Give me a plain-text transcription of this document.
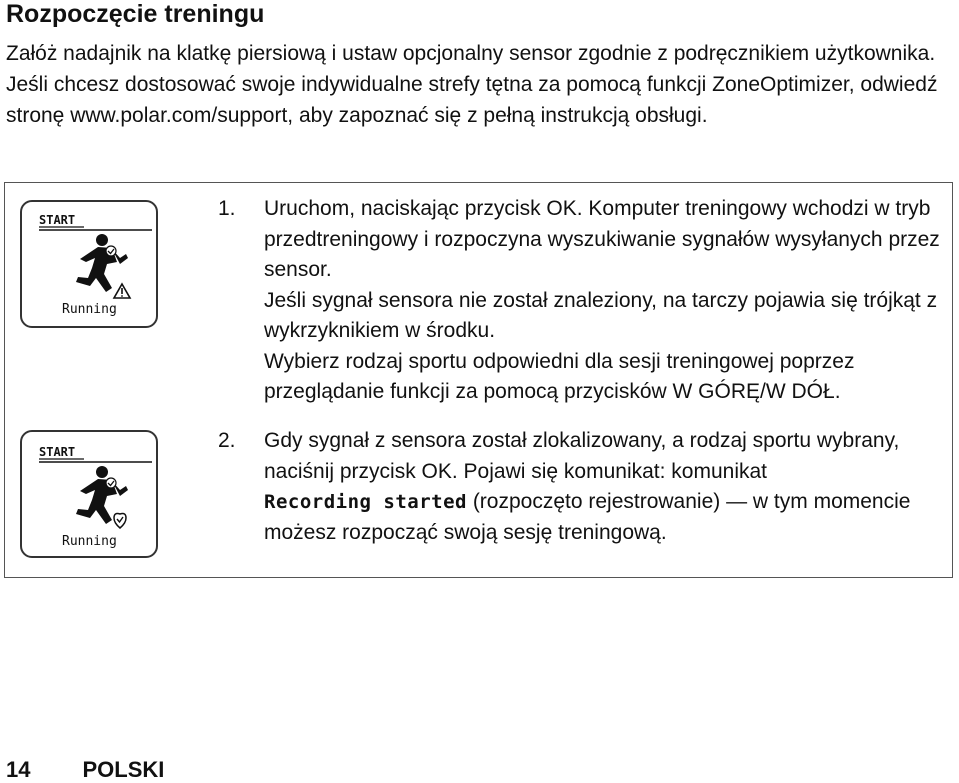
Rozpoczęcie treningu

Załóż nadajnik na klatkę piersiową i ustaw opcjonalny sensor zgodnie z podręcznikiem użytkownika. Jeśli chcesz dostosować swoje indywidualne strefy tętna za pomocą funkcji ZoneOptimizer, odwiedź stronę www.polar.com/support, aby zapoznać się z pełną instrukcją obsługi.

START
Running
START
Running
1.	Uruchom, naciskając przycisk OK. Komputer treningowy wchodzi w tryb przedtreningowy i rozpoczyna wyszukiwanie sygnałów wysyłanych przez sensor.

Jeśli sygnał sensora nie został znaleziony, na tarczy pojawia się trójkąt z wykrzyknikiem w środku.

Wybierz rodzaj sportu odpowiedni dla sesji treningowej poprzez przeglądanie funkcji za pomocą przycisków W GÓRĘ/W DÓŁ.

2.	Gdy sygnał z sensora został zlokalizowany, a rodzaj sportu wybrany, naciśnij przycisk OK. Pojawi się komunikat: komunikat
Recording started (rozpoczęto rejestrowanie) — w tym momencie możesz rozpocząć swoją sesję treningową.

14 POLSKI
